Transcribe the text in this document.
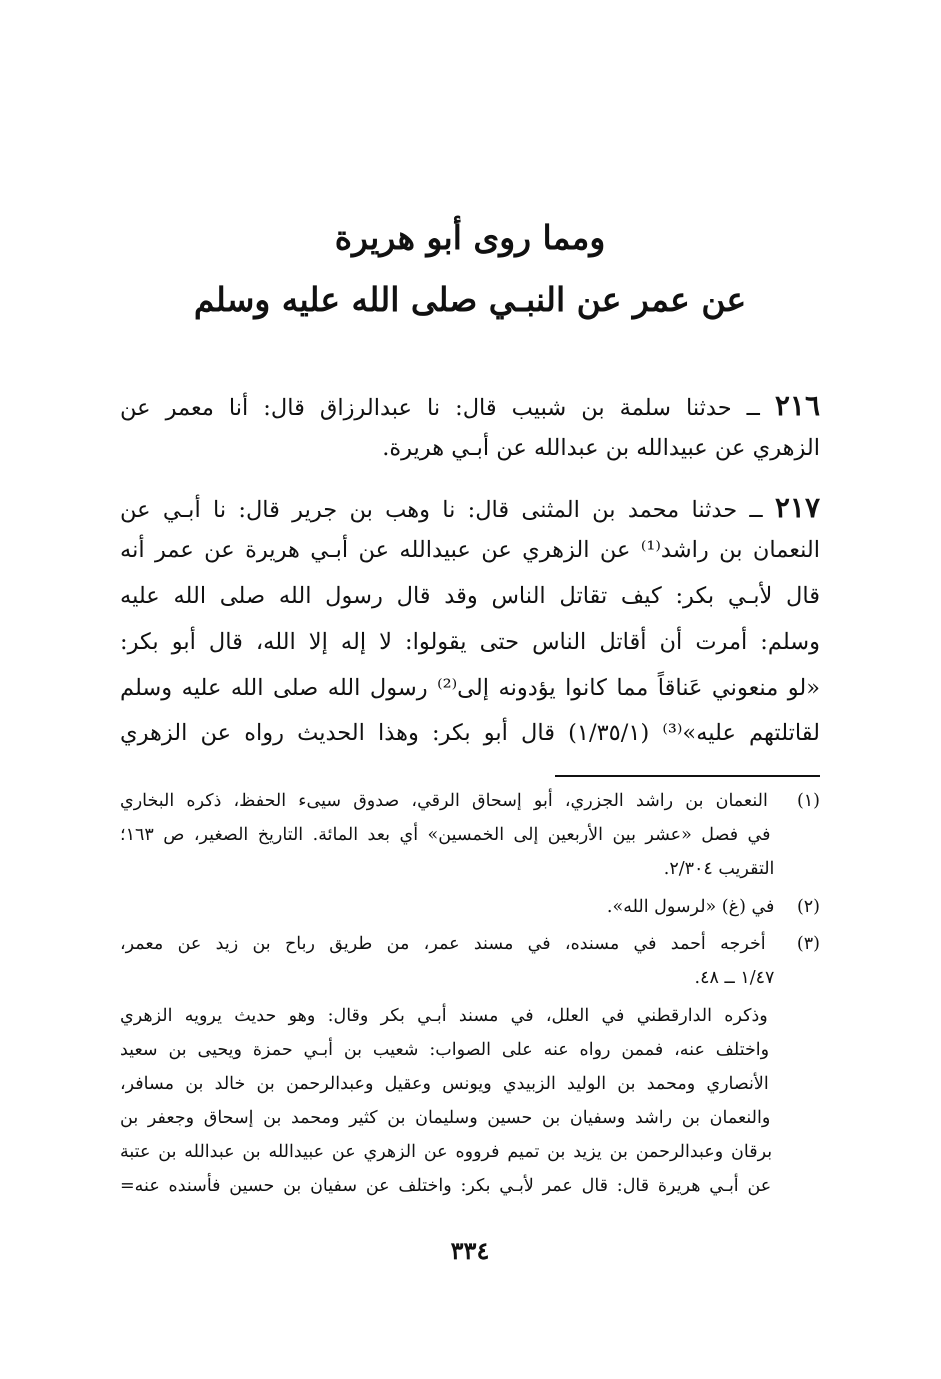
ومما روى أبو هريرة
عن عمر عن النبـي صلى الله عليه وسلم
٢١٦ ــ حدثنا سلمة بن شبيب قال: نا عبدالرزاق قال: أنا معمر عن
الزهري عن عبيدالله بن عبدالله عن أبـي هريرة.
٢١٧ ــ حدثنا محمد بن المثنى قال: نا وهب بن جرير قال: نا أبـي عن
النعمان بن راشد⁽¹⁾ عن الزهري عن عبيدالله عن أبـي هريرة عن عمر أنه
قال لأبـي بكر: كيف تقاتل الناس وقد قال رسول الله صلى الله عليه
وسلم: أمرت أن أقاتل الناس حتى يقولوا: لا إله إلا الله، قال أبو بكر:
«لو منعوني عَناقاً مما كانوا يؤدونه إلى⁽²⁾ رسول الله صلى الله عليه وسلم
لقاتلتهم عليه»⁽³⁾ (١/٣٥/١) قال أبو بكر: وهذا الحديث رواه عن الزهري
(١) النعمان بن راشد الجزري، أبو إسحاق الرقي، صدوق سيىء الحفظ، ذكره البخاري
في فصل «عشر بين الأربعين إلى الخمسين» أي بعد المائة. التاريخ الصغير، ص ١٦٣؛
التقريب ٢/٣٠٤.
(٢) في (غ) «لرسول الله».
(٣) أخرجه أحمد في مسنده، في مسند عمر، من طريق رباح بن زيد عن معمر،
١/٤٧ ــ ٤٨.
وذكره الدارقطني في العلل، في مسند أبـي بكر وقال: وهو حديث يرويه الزهري
واختلف عنه، فممن رواه عنه على الصواب: شعيب بن أبـي حمزة ويحيى بن سعيد
الأنصاري ومحمد بن الوليد الزبيدي ويونس وعقيل وعبدالرحمن بن خالد بن مسافر،
والنعمان بن راشد وسفيان بن حسين وسليمان بن كثير ومحمد بن إسحاق وجعفر بن
برقان وعبدالرحمن بن يزيد بن تميم فرووه عن الزهري عن عبيدالله بن عبدالله بن عتبة
عن أبـي هريرة قال: قال عمر لأبـي بكر: واختلف عن سفيان بن حسين فأسنده عنه=
٣٣٤
